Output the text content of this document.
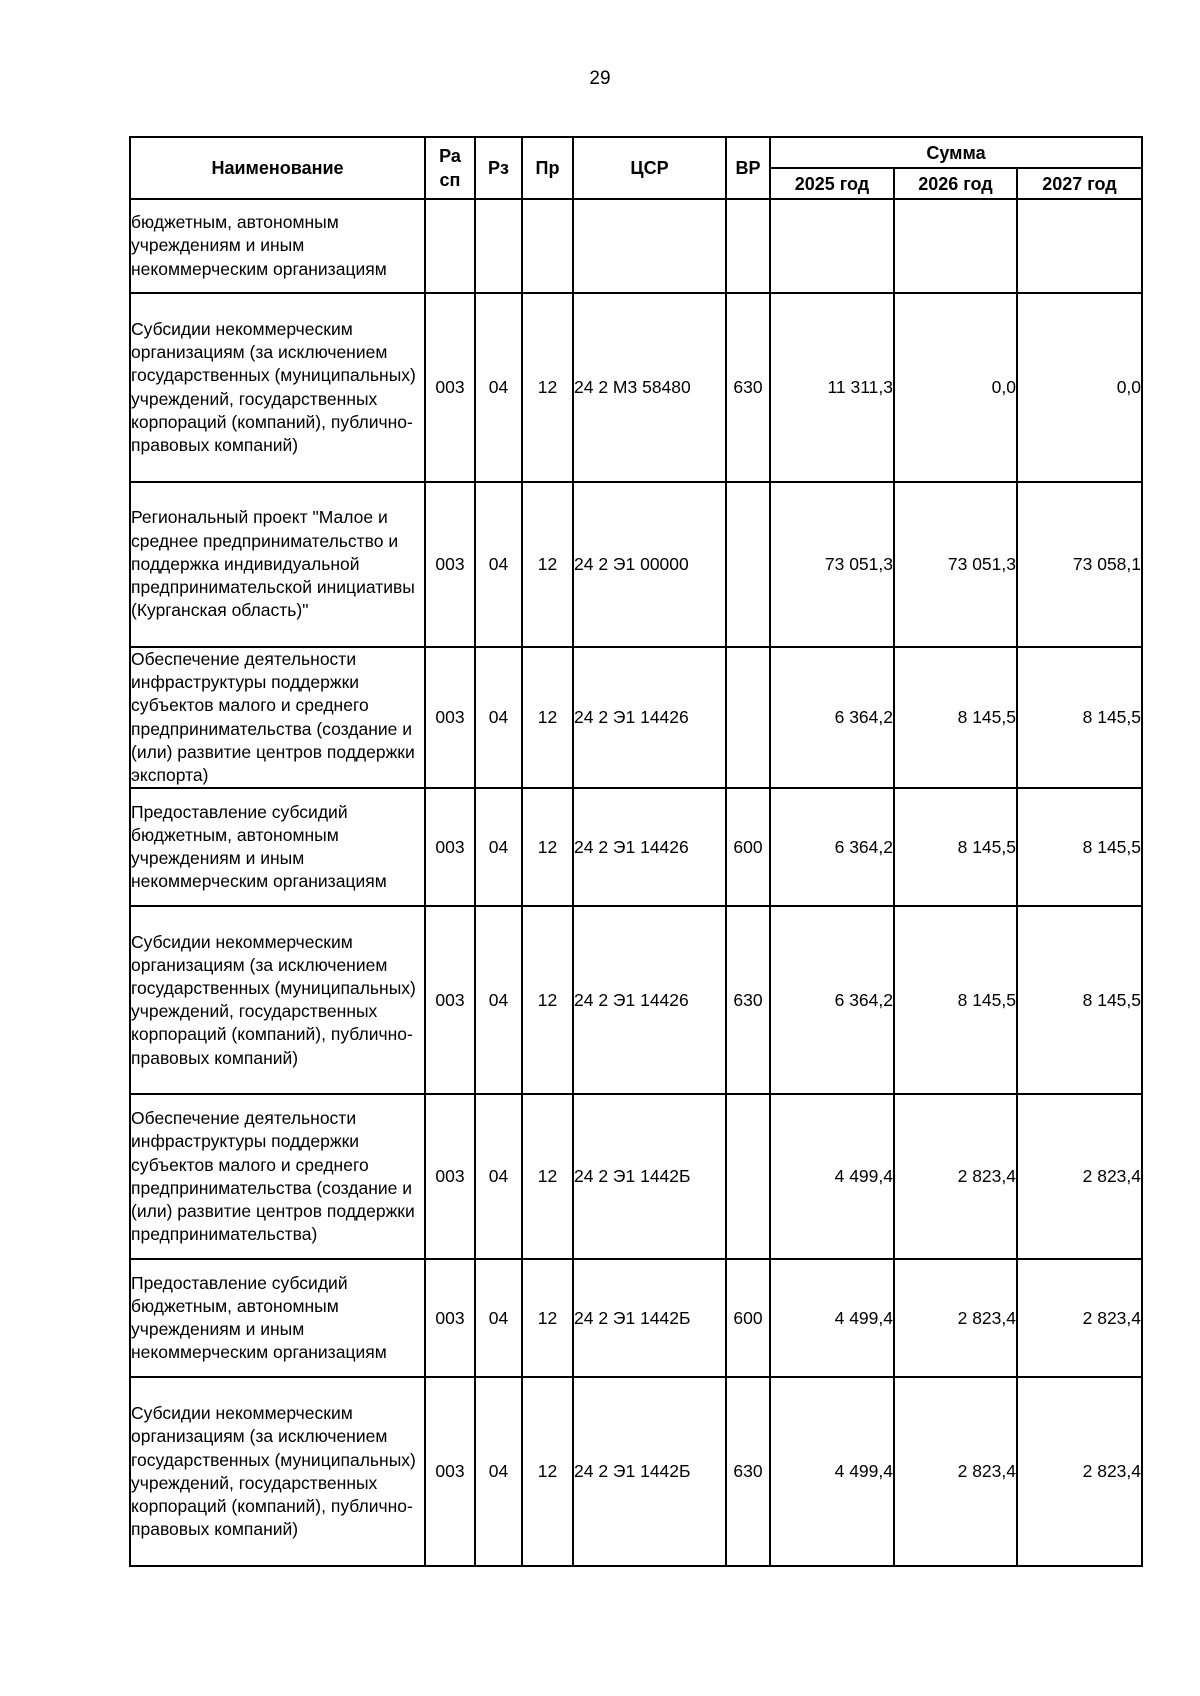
29
Наименование	Ра сп	Рз	Пр	ЦСР	ВР	Сумма		
						2025 год	2026 год	2027 год
бюджетным, автономным учреждениям и иным некоммерческим организациям								
Субсидии некоммерческим организациям (за исключением государственных (муниципальных) учреждений, государственных корпораций (компаний), публично-правовых компаний)	003	04	12	24 2 М3 58480	630	11 311,3	0,0	0,0
Региональный проект "Малое и среднее предпринимательство и поддержка индивидуальной предпринимательской инициативы (Курганская область)"	003	04	12	24 2 Э1 00000		73 051,3	73 051,3	73 058,1
Обеспечение деятельности инфраструктуры поддержки субъектов малого и среднего предпринимательства (создание и (или) развитие центров поддержки экспорта)	003	04	12	24 2 Э1 14426		6 364,2	8 145,5	8 145,5
Предоставление субсидий бюджетным, автономным учреждениям и иным некоммерческим организациям	003	04	12	24 2 Э1 14426	600	6 364,2	8 145,5	8 145,5
Субсидии некоммерческим организациям (за исключением государственных (муниципальных) учреждений, государственных корпораций (компаний), публично-правовых компаний)	003	04	12	24 2 Э1 14426	630	6 364,2	8 145,5	8 145,5
Обеспечение деятельности инфраструктуры поддержки субъектов малого и среднего предпринимательства (создание и (или) развитие центров поддержки предпринимательства)	003	04	12	24 2 Э1 1442Б		4 499,4	2 823,4	2 823,4
Предоставление субсидий бюджетным, автономным учреждениям и иным некоммерческим организациям	003	04	12	24 2 Э1 1442Б	600	4 499,4	2 823,4	2 823,4
Субсидии некоммерческим организациям (за исключением государственных (муниципальных) учреждений, государственных корпораций (компаний), публично-правовых компаний)	003	04	12	24 2 Э1 1442Б	630	4 499,4	2 823,4	2 823,4
